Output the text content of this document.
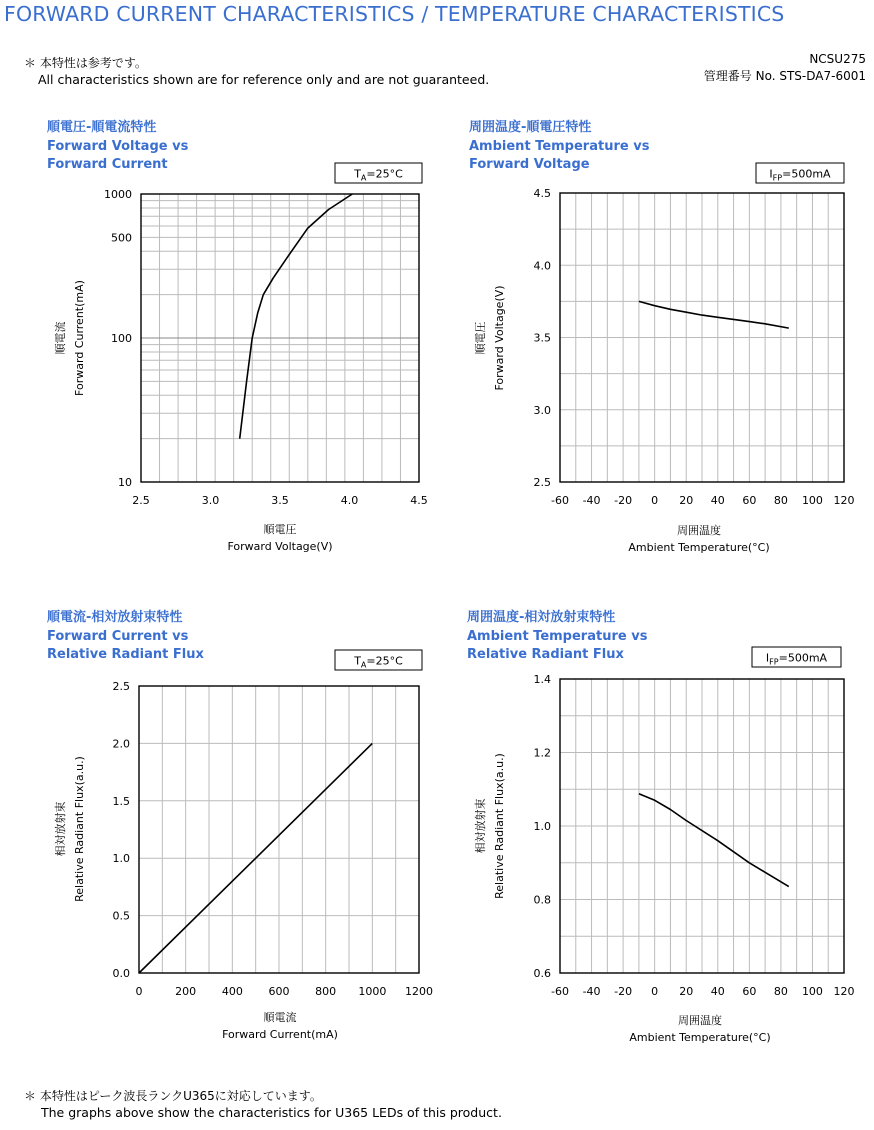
FORWARD CURRENT CHARACTERISTICS / TEMPERATURE CHARACTERISTICS
＊ 本特性は参考です。
All characteristics shown are for reference only and are not guaranteed.
NCSU275
管理番号 No. STS-DA7-6001
順電圧-順電流特性
Forward Voltage vs
Forward Current
$T_A=25^\circ C$
2.5	3.0	3.5	4.0	4.5
10
100
500
1000
順電圧
Forward Voltage(V)
順電流 Forward Current(mA)
周囲温度-順電圧特性
Ambient Temperature vs
Forward Voltage
$I_{FP}=500mA$
-60 -40 -20 0 20 40 60 80 100 120
2.5
3.0
3.5
4.0
4.5
周囲温度
Ambient Temperature(°C)
順電圧 Forward Voltage(V)
順電流-相対放射束特性
Forward Current vs
Relative Radiant Flux	$T_A=25^\circ C$
0	200 400 600 800 1000 1200
0.0
0.5
1.0
1.5
2.0
2.5
順電流
Forward Current(mA)
相対放射束 Relative Radiant Flux(a.u.)
周囲温度-相対放射束特性
Ambient Temperature vs
Relative Radiant Flux	$I_{FP}=500mA$
-60 -40 -20 0 20 40 60 80 100 120
0.6
0.8
1.0
1.2
1.4
周囲温度
Ambient Temperature(°C)
相対放射束 Relative Radiant Flux(a.u.)
＊ 本特性はピーク波長ランクU365に対応しています。
The graphs above show the characteristics for U365 LEDs of this product.
